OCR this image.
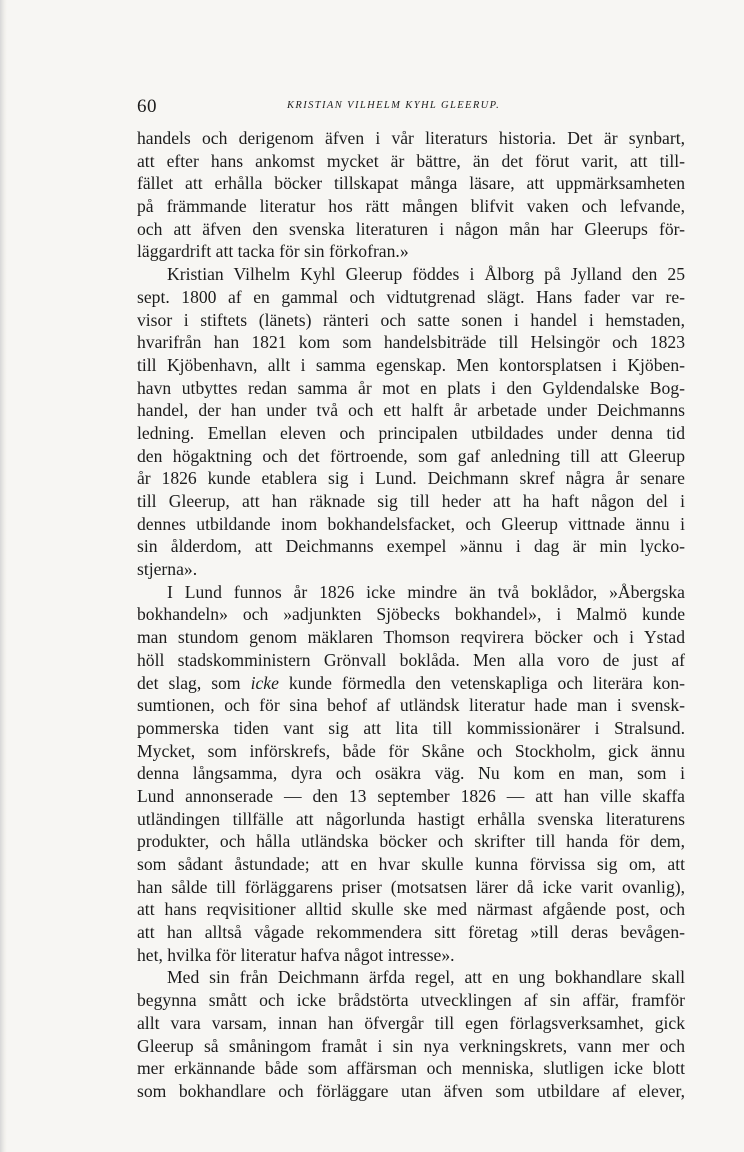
60	KRISTIAN VILHELM KYHL GLEERUP.
handels och derigenom äfven i vår literaturs historia. Det är synbart,
att efter hans ankomst mycket är bättre, än det förut varit, att till-
fället att erhålla böcker tillskapat många läsare, att uppmärksamheten
på främmande literatur hos rätt mången blifvit vaken och lefvande,
och att äfven den svenska literaturen i någon mån har Gleerups för-
läggardrift att tacka för sin förkofran.»
Kristian Vilhelm Kyhl Gleerup föddes i Ålborg på Jylland den 25
sept. 1800 af en gammal och vidtutgrenad slägt. Hans fader var re-
visor i stiftets (länets) ränteri och satte sonen i handel i hemstaden,
hvarifrån han 1821 kom som handelsbiträde till Helsingör och 1823
till Kjöbenhavn, allt i samma egenskap. Men kontorsplatsen i Kjöben-
havn utbyttes redan samma år mot en plats i den Gyldendalske Bog-
handel, der han under två och ett halft år arbetade under Deichmanns
ledning. Emellan eleven och principalen utbildades under denna tid
den högaktning och det förtroende, som gaf anledning till att Gleerup
år 1826 kunde etablera sig i Lund. Deichmann skref några år senare
till Gleerup, att han räknade sig till heder att ha haft någon del i
dennes utbildande inom bokhandelsfacket, och Gleerup vittnade ännu i
sin ålderdom, att Deichmanns exempel »ännu i dag är min lycko-
stjerna».
I Lund funnos år 1826 icke mindre än två boklådor, »Åbergska
bokhandeln» och »adjunkten Sjöbecks bokhandel», i Malmö kunde
man stundom genom mäklaren Thomson reqvirera böcker och i Ystad
höll stadskomministern Grönvall boklåda. Men alla voro de just af
det slag, som icke kunde förmedla den vetenskapliga och literära kon-
sumtionen, och för sina behof af utländsk literatur hade man i svensk-
pommerska tiden vant sig att lita till kommissionärer i Stralsund.
Mycket, som införskrefs, både för Skåne och Stockholm, gick ännu
denna långsamma, dyra och osäkra väg. Nu kom en man, som i
Lund annonserade — den 13 september 1826 — att han ville skaffa
utländingen tillfälle att någorlunda hastigt erhålla svenska literaturens
produkter, och hålla utländska böcker och skrifter till handa för dem,
som sådant åstundade; att en hvar skulle kunna förvissa sig om, att
han sålde till förläggarens priser (motsatsen lärer då icke varit ovanlig),
att hans reqvisitioner alltid skulle ske med närmast afgående post, och
att han alltså vågade rekommendera sitt företag »till deras bevågen-
het, hvilka för literatur hafva något intresse».
Med sin från Deichmann ärfda regel, att en ung bokhandlare skall
begynna smått och icke brådstörta utvecklingen af sin affär, framför
allt vara varsam, innan han öfvergår till egen förlagsverksamhet, gick
Gleerup så småningom framåt i sin nya verkningskrets, vann mer och
mer erkännande både som affärsman och menniska, slutligen icke blott
som bokhandlare och förläggare utan äfven som utbildare af elever,
